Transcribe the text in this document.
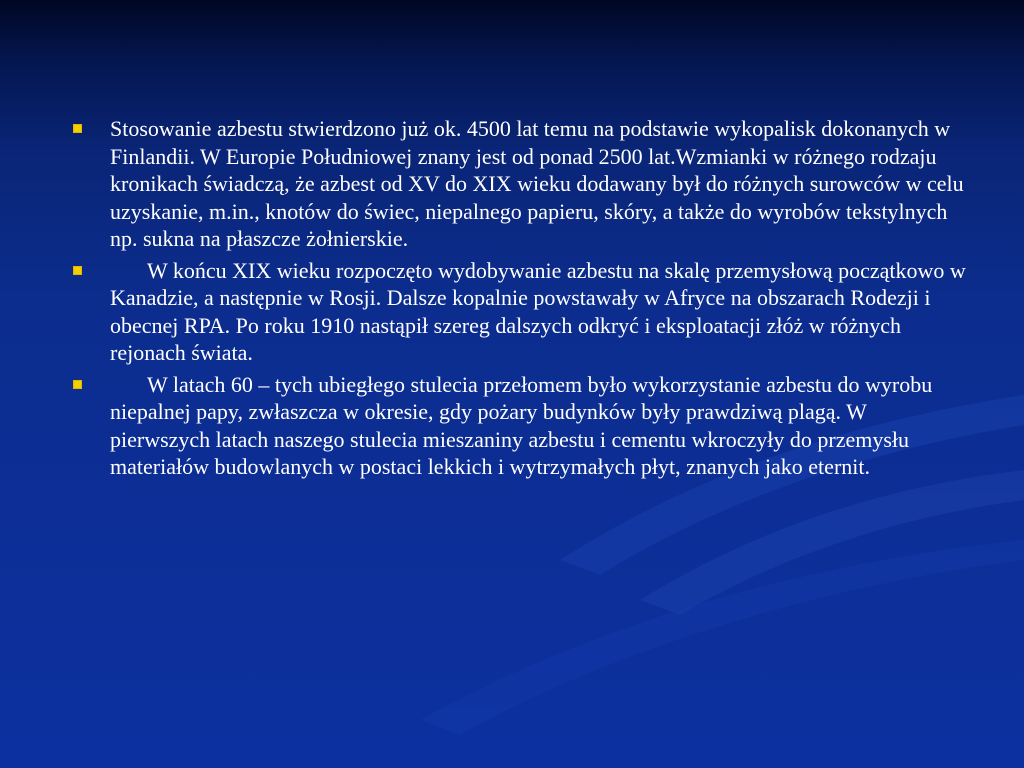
Stosowanie azbestu stwierdzono już ok. 4500 lat temu na podstawie wykopalisk dokonanych w Finlandii. W Europie Południowej znany jest od ponad 2500 lat.Wzmianki w różnego rodzaju kronikach świadczą, że azbest od XV do XIX wieku dodawany był do różnych surowców w celu uzyskanie, m.in., knotów do świec, niepalnego papieru, skóry, a także do wyrobów tekstylnych np. sukna na płaszcze żołnierskie.
W końcu XIX wieku rozpoczęto wydobywanie azbestu na skalę przemysłową początkowo w Kanadzie, a następnie w Rosji. Dalsze kopalnie powstawały w Afryce na obszarach Rodezji i obecnej RPA. Po roku 1910 nastąpił szereg dalszych odkryć i eksploatacji złóż w różnych rejonach świata.
W latach 60 – tych ubiegłego stulecia przełomem było wykorzystanie azbestu do wyrobu niepalnej papy, zwłaszcza w okresie, gdy pożary budynków były prawdziwą plagą. W pierwszych latach naszego stulecia mieszaniny azbestu i cementu wkroczyły do przemysłu materiałów budowlanych w postaci lekkich i wytrzymałych płyt, znanych jako eternit.
